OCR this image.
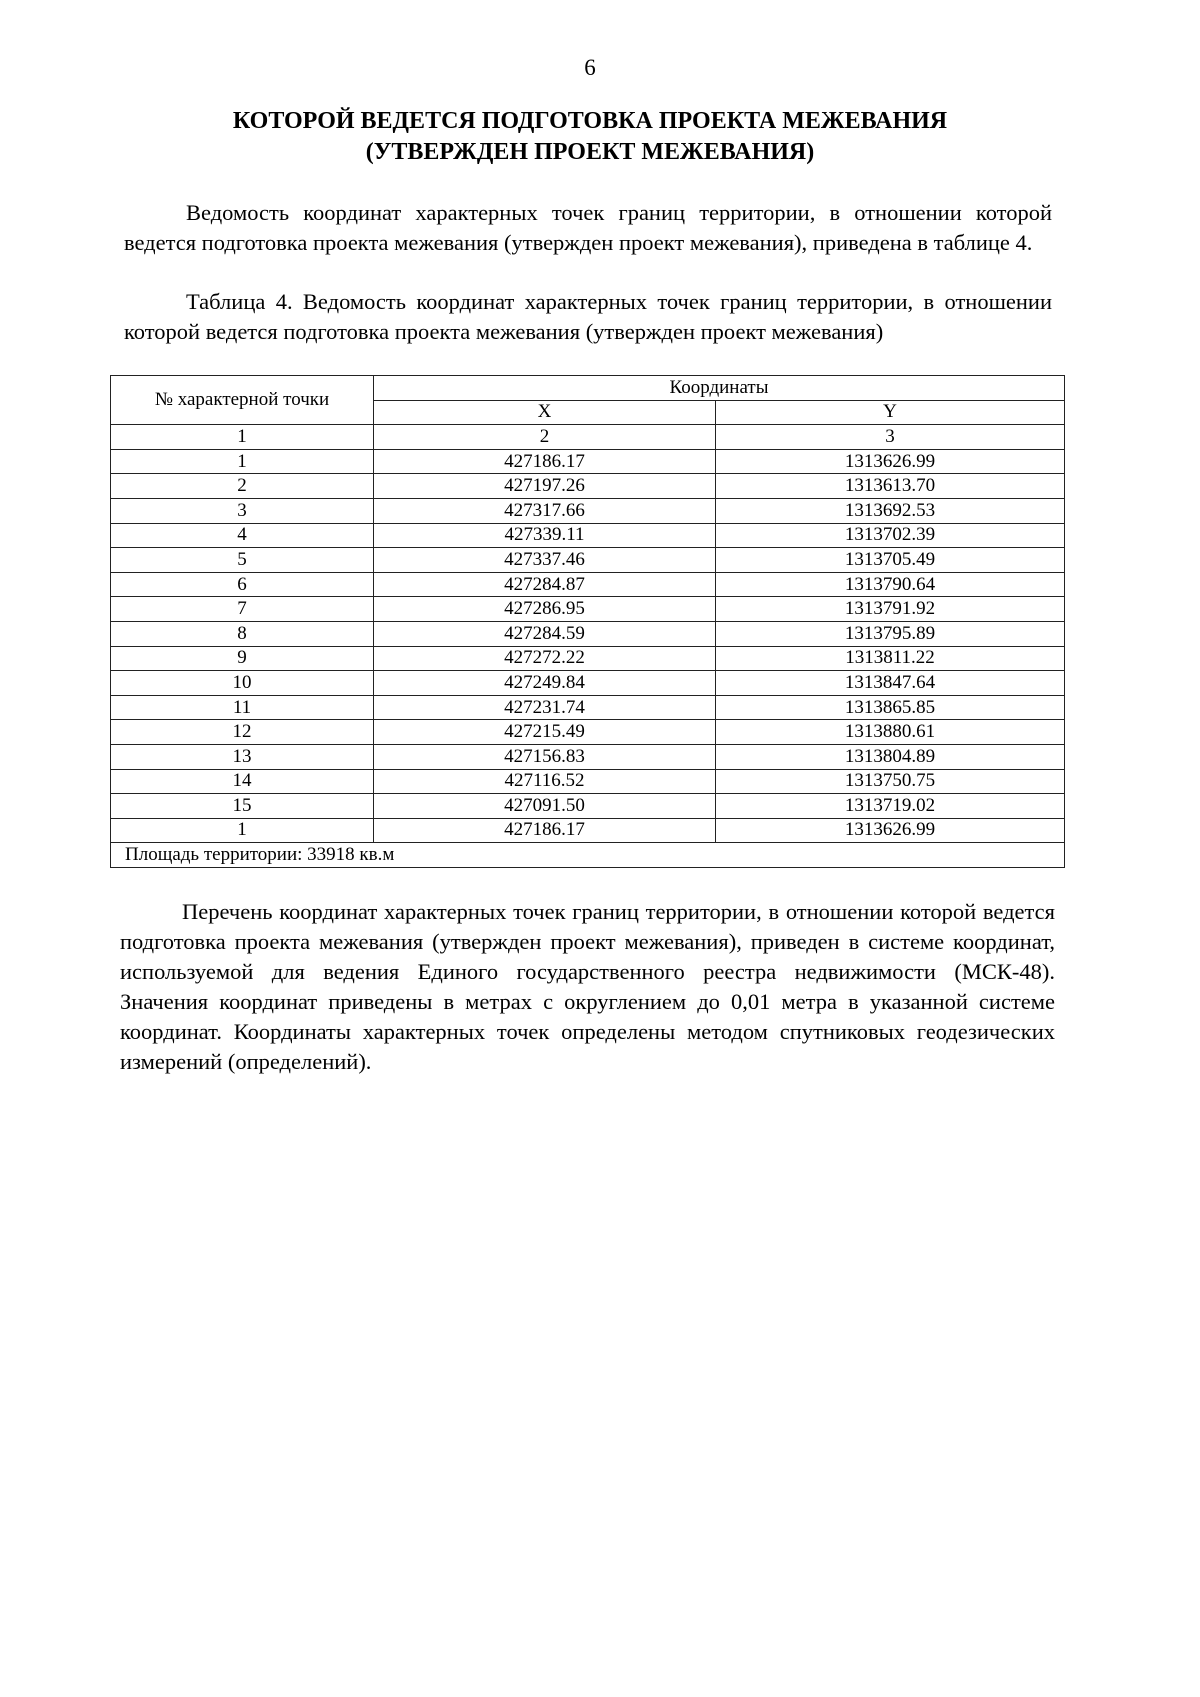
6
КОТОРОЙ ВЕДЕТСЯ ПОДГОТОВКА ПРОЕКТА МЕЖЕВАНИЯ
(УТВЕРЖДЕН ПРОЕКТ МЕЖЕВАНИЯ)
Ведомость координат характерных точек границ территории, в отношении которой ведется подготовка проекта межевания (утвержден проект межевания), приведена в таблице 4.
Таблица 4. Ведомость координат характерных точек границ территории, в отношении которой ведется подготовка проекта межевания (утвержден проект межевания)
№ характерной точки	Координаты	
	X	Y
1	2	3
1	427186.17	1313626.99
2	427197.26	1313613.70
3	427317.66	1313692.53
4	427339.11	1313702.39
5	427337.46	1313705.49
6	427284.87	1313790.64
7	427286.95	1313791.92
8	427284.59	1313795.89
9	427272.22	1313811.22
10	427249.84	1313847.64
11	427231.74	1313865.85
12	427215.49	1313880.61
13	427156.83	1313804.89
14	427116.52	1313750.75
15	427091.50	1313719.02
1	427186.17	1313626.99
Площадь территории: 33918 кв.м		
Перечень координат характерных точек границ территории, в отношении которой ведется подготовка проекта межевания (утвержден проект межевания), приведен в системе координат, используемой для ведения Единого государственного реестра недвижимости (МСК-48). Значения координат приведены в метрах с округлением до 0,01 метра в указанной системе координат. Координаты характерных точек определены методом спутниковых геодезических измерений (определений).
